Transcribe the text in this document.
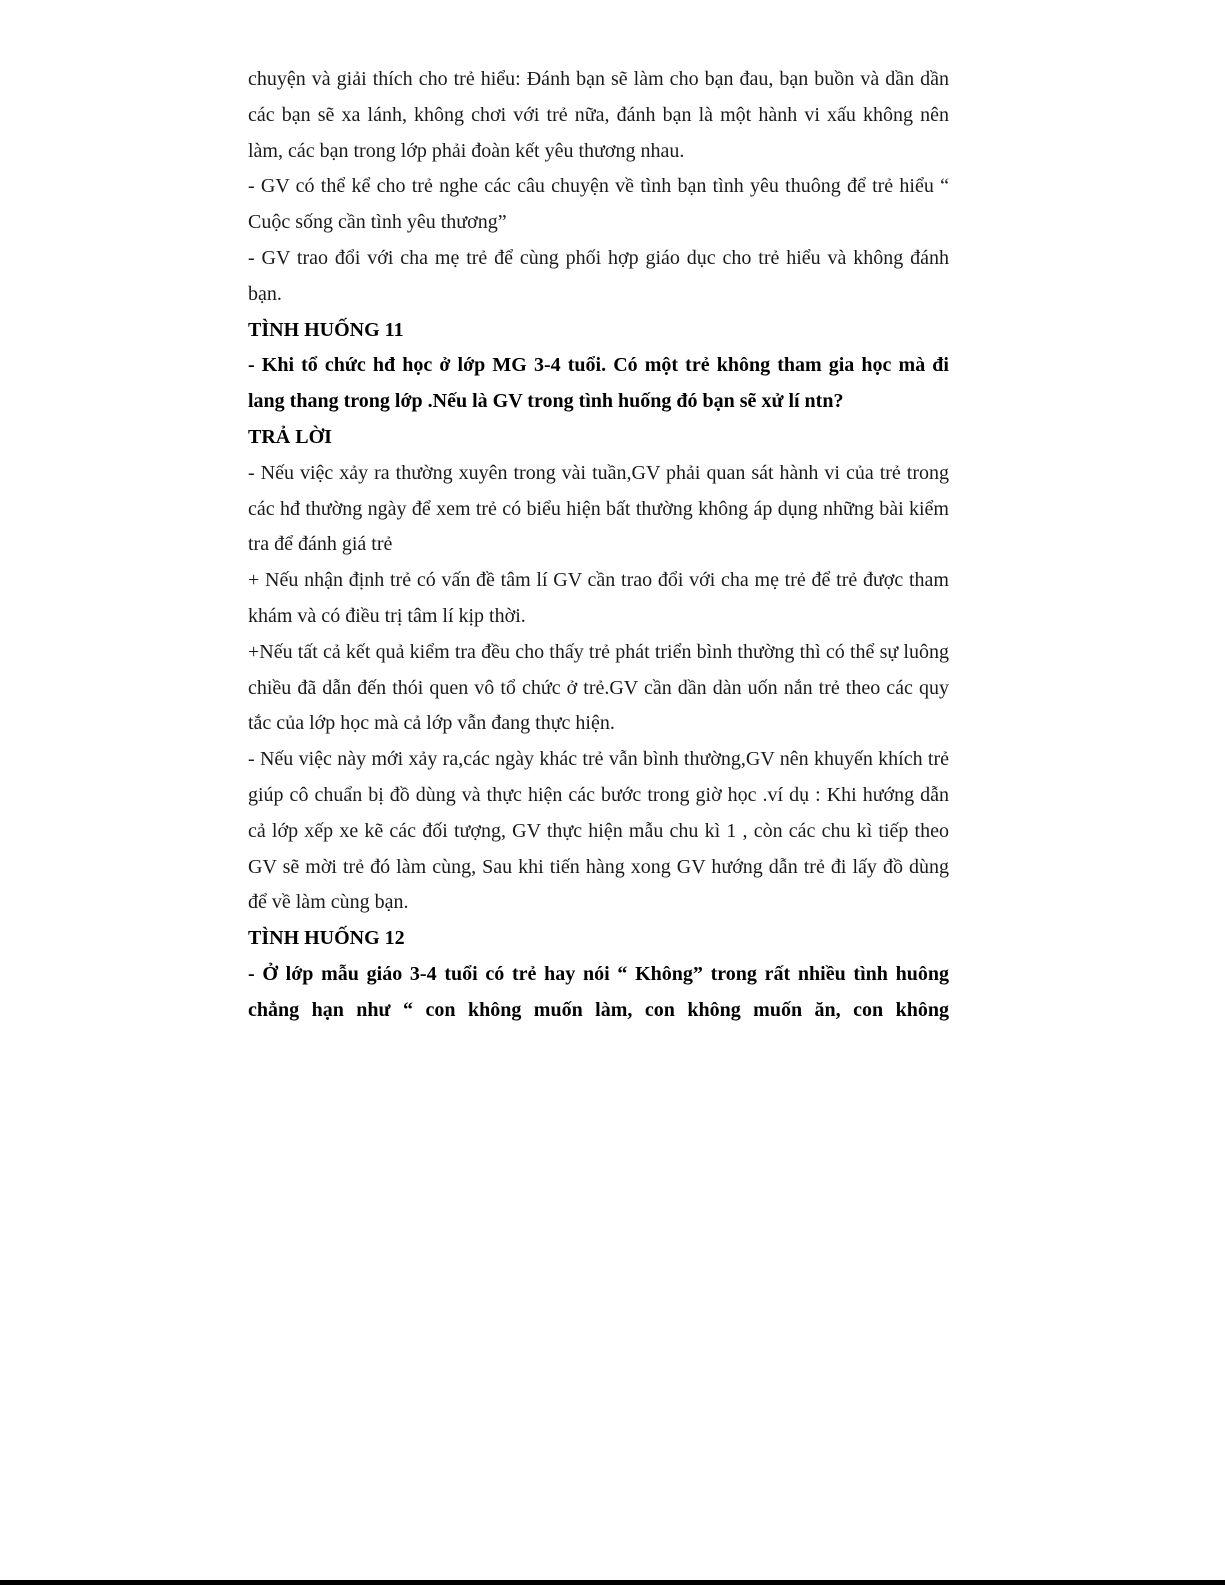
chuyện và giải thích cho trẻ hiểu: Đánh bạn sẽ làm cho bạn đau, bạn buồn và dần dần các bạn sẽ xa lánh, không chơi với trẻ nữa, đánh bạn là một hành vi xấu không nên làm, các bạn trong lớp phải đoàn kết yêu thương nhau.

- GV có thể kể cho trẻ nghe các câu chuyện về tình bạn tình yêu thuông để trẻ hiểu “ Cuộc sống cần tình yêu thương”

- GV trao đổi với cha mẹ trẻ để cùng phối hợp giáo dục cho trẻ hiểu và không đánh bạn.

TÌNH HUỐNG 11

- Khi tổ chức hđ học ở lớp MG 3-4 tuổi. Có một trẻ không tham gia học mà đi lang thang trong lớp .Nếu là GV trong tình huống đó bạn sẽ xử lí ntn?

TRẢ LỜI

- Nếu việc xảy ra thường xuyên trong vài tuần,GV phải quan sát hành vi của trẻ trong các hđ thường ngày để xem trẻ có biểu hiện bất thường không áp dụng những bài kiểm tra để đánh giá trẻ

+ Nếu nhận định trẻ có vấn đề tâm lí GV cần trao đổi với cha mẹ trẻ để trẻ được tham khám và có điều trị tâm lí kịp thời.

+Nếu tất cả kết quả kiểm tra đều cho thấy trẻ phát triển bình thường thì có thể sự luông chiều đã dẫn đến thói quen vô tổ chức ở trẻ.GV cần dần dàn uốn nắn trẻ theo các quy tắc của lớp học mà cả lớp vẫn đang thực hiện.

- Nếu việc này mới xảy ra,các ngày khác trẻ vẫn bình thường,GV nên khuyến khích trẻ giúp cô chuẩn bị đồ dùng và thực hiện các bước trong giờ học .ví dụ : Khi hướng dẫn cả lớp xếp xe kẽ các đối tượng, GV thực hiện mẫu chu kì 1 , còn các chu kì tiếp theo GV sẽ mời trẻ đó làm cùng, Sau khi tiến hàng xong GV hướng dẫn trẻ đi lấy đồ dùng để về làm cùng bạn.

TÌNH HUỐNG 12

- Ở lớp mẫu giáo 3-4 tuổi có trẻ hay nói “ Không” trong rất nhiều tình huông chẳng hạn như “ con không muốn làm, con không muốn ăn, con không
